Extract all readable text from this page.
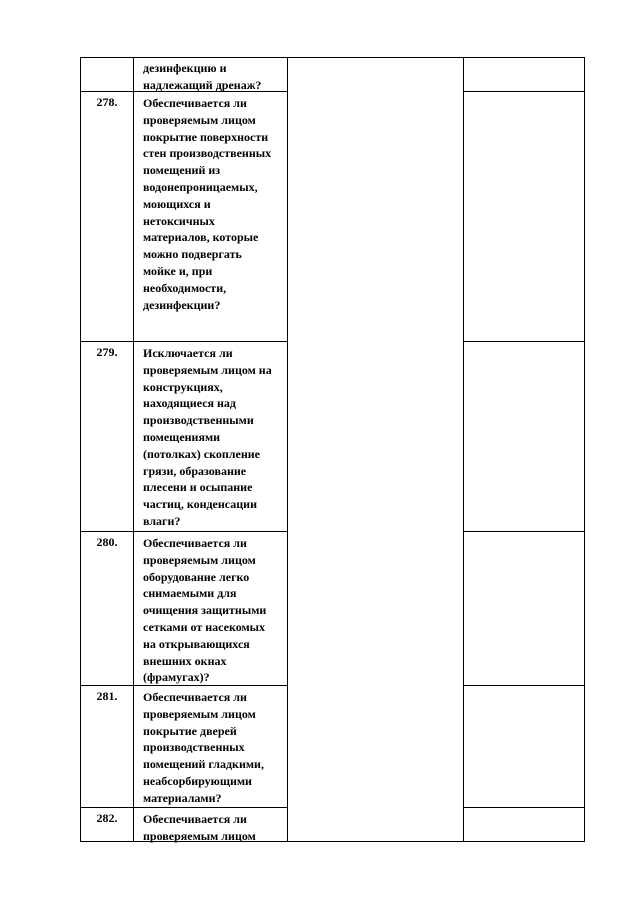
дезинфекцию и
надлежащий дренаж?
278.	Обеспечивается ли
проверяемым лицом
покрытие поверхности
стен производственных
помещений из
водонепроницаемых,
моющихся и
нетоксичных
материалов, которые
можно подвергать
мойке и, при
необходимости,
дезинфекции?
279.	Исключается ли
проверяемым лицом на
конструкциях,
находящиеся над
производственными
помещениями
(потолках) скопление
грязи, образование
плесени и осыпание
частиц, конденсации
влаги?
280.	Обеспечивается ли
проверяемым лицом
оборудование легко
снимаемыми для
очищения защитными
сетками от насекомых
на открывающихся
внешних окнах
(фрамугах)?
281.	Обеспечивается ли
проверяемым лицом
покрытие дверей
производственных
помещений гладкими,
неабсорбирующими
материалами?
282.	Обеспечивается ли
проверяемым лицом
